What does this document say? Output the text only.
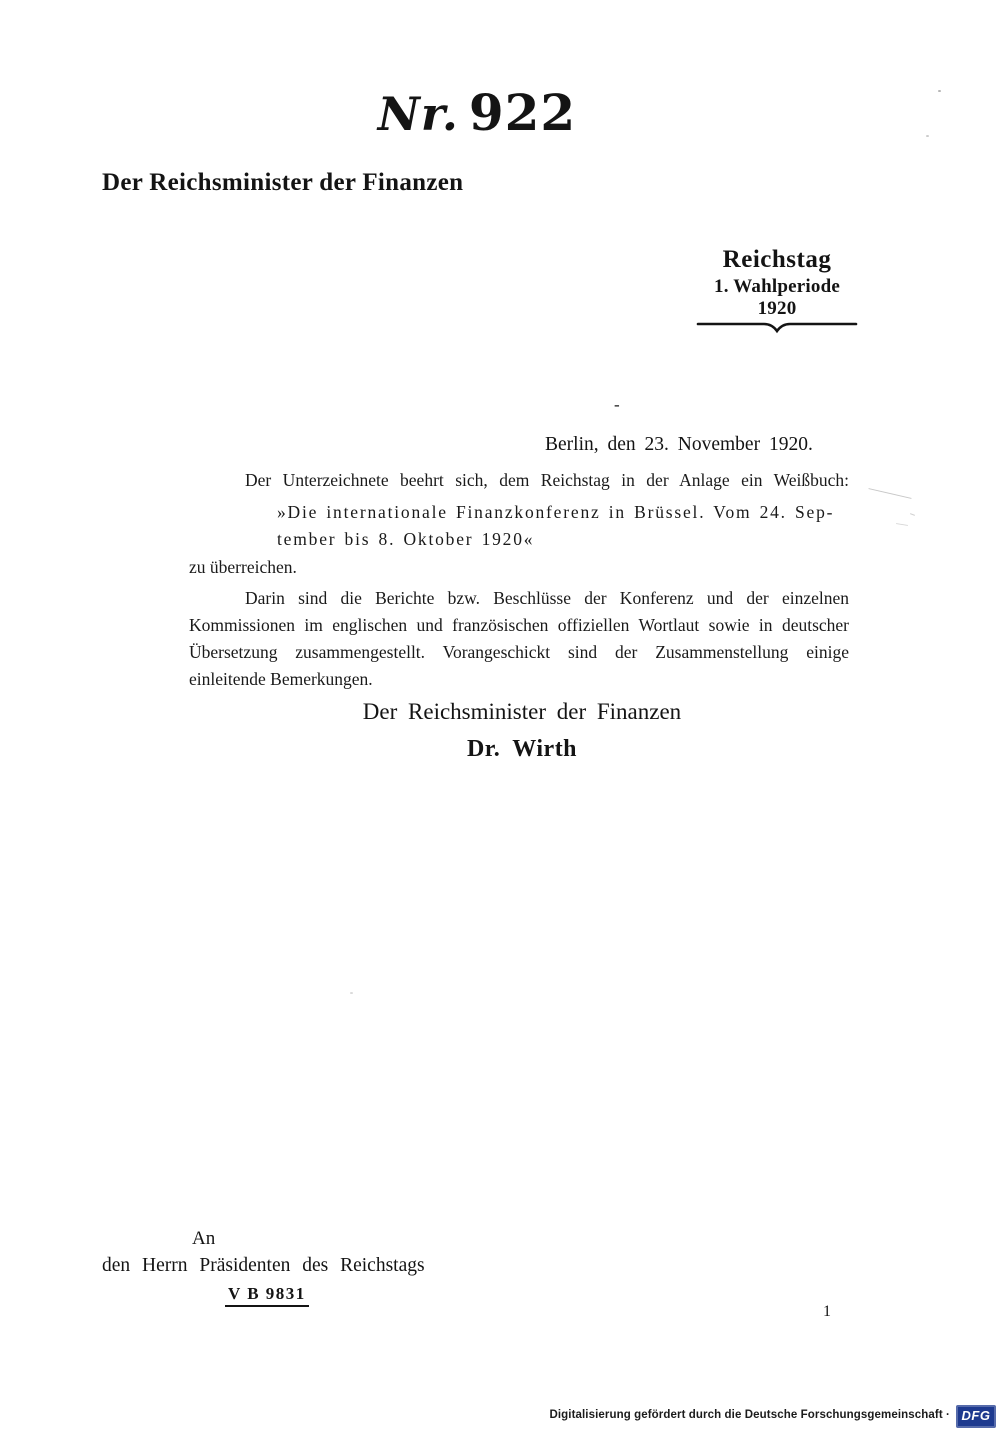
Nr. 922
Der Reichsminister der Finanzen
Reichstag
1. Wahlperiode 1920
-
Berlin, den 23. November 1920.
Der Unterzeichnete beehrt sich, dem Reichstag in der Anlage ein Weißbuch:
»Die internationale Finanzkonferenz in Brüssel. Vom 24. Sep-
tember bis 8. Oktober 1920«
zu überreichen.
Darin sind die Berichte bzw. Beschlüsse der Konferenz und der einzelnen
Kommissionen im englischen und französischen offiziellen Wortlaut sowie in deutscher
Übersetzung zusammengestellt. Vorangeschickt sind der Zusammenstellung einige
einleitende Bemerkungen.
Der Reichsminister der Finanzen
Dr. Wirth
An
den Herrn Präsidenten des Reichstags
V B 9831
1
Digitalisierung gefördert durch die Deutsche Forschungsgemeinschaft · DFG
